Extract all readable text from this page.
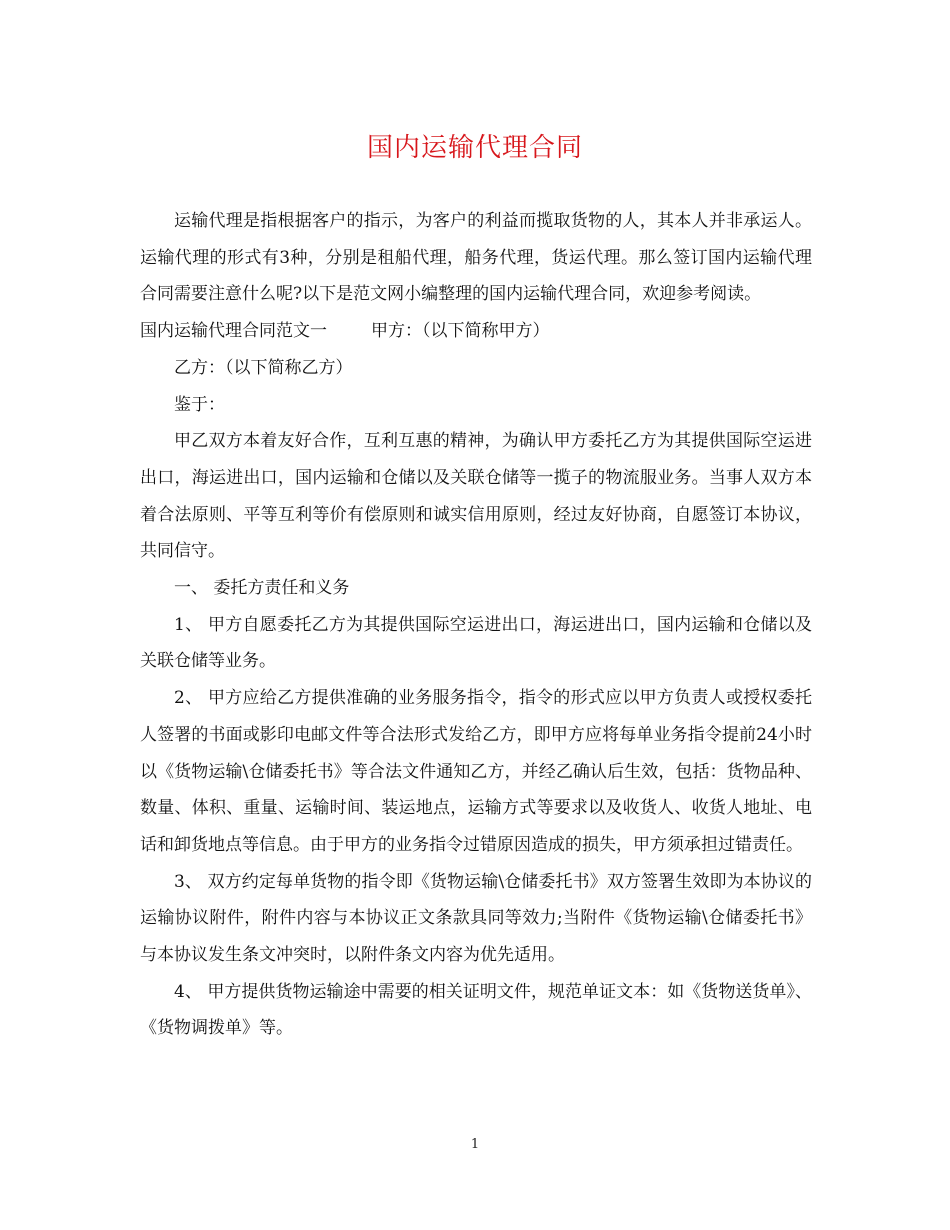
国内运输代理合同

运输代理是指根据客户的指示，为客户的利益而揽取货物的人，其本人并非承运人。运输代理的形式有3种，分别是租船代理，船务代理，货运代理。那么签订国内运输代理合同需要注意什么呢?以下是范文网小编整理的国内运输代理合同，欢迎参考阅读。

国内运输代理合同范文一	甲方：（以下简称甲方）

乙方：（以下简称乙方）

鉴于：

甲乙双方本着友好合作，互利互惠的精神，为确认甲方委托乙方为其提供国际空运进出口，海运进出口，国内运输和仓储以及关联仓储等一揽子的物流服业务。当事人双方本着合法原则、平等互利等价有偿原则和诚实信用原则，经过友好协商，自愿签订本协议，共同信守。

一、 委托方责任和义务

1、 甲方自愿委托乙方为其提供国际空运进出口，海运进出口，国内运输和仓储以及关联仓储等业务。

2、 甲方应给乙方提供准确的业务服务指令，指令的形式应以甲方负责人或授权委托人签署的书面或影印电邮文件等合法形式发给乙方，即甲方应将每单业务指令提前24小时以《货物运输\仓储委托书》等合法文件通知乙方，并经乙确认后生效，包括：货物品种、数量、体积、重量、运输时间、装运地点，运输方式等要求以及收货人、收货人地址、电话和卸货地点等信息。由于甲方的业务指令过错原因造成的损失，甲方须承担过错责任。

3、 双方约定每单货物的指令即《货物运输\仓储委托书》双方签署生效即为本协议的运输协议附件，附件内容与本协议正文条款具同等效力;当附件《货物运输\仓储委托书》与本协议发生条文冲突时，以附件条文内容为优先适用。

4、 甲方提供货物运输途中需要的相关证明文件，规范单证文本：如《货物送货单》、《货物调拨单》等。

1
